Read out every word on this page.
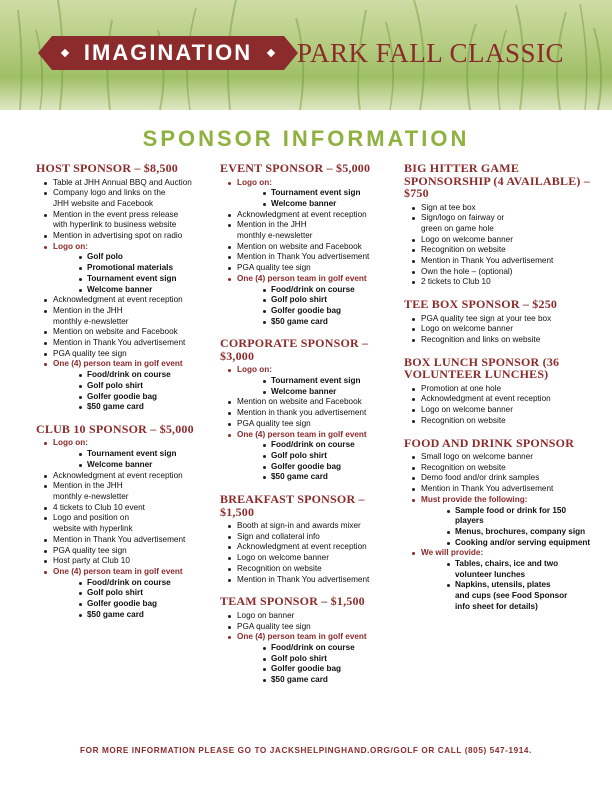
IMAGINATION	PARK FALL CLASSIC
SPONSOR INFORMATION
HOST SPONSOR – $8,500
Table at JHH Annual BBQ and Auction
Company logo and links on the
JHH website and Facebook
Mention in the event press release
with hyperlink to business website
Mention in advertising spot on radio
Logo on:
Golf polo
Promotional materials
Tournament event sign
Welcome banner
Acknowledgment at event reception
Mention in the JHH
monthly e-newsletter
Mention on website and Facebook
Mention in Thank You advertisement
PGA quality tee sign
One (4) person team in golf event
Food/drink on course
Golf polo shirt
Golfer goodie bag
$50 game card
CLUB 10 SPONSOR – $5,000
Logo on:
Tournament event sign
Welcome banner
Acknowledgment at event reception
Mention in the JHH
monthly e-newsletter
4 tickets to Club 10 event
Logo and position on
website with hyperlink
Mention in Thank You advertisement
PGA quality tee sign
Host party at Club 10
One (4) person team in golf event
Food/drink on course
Golf polo shirt
Golfer goodie bag
$50 game card
EVENT SPONSOR – $5,000
Logo on:
Tournament event sign
Welcome banner
Acknowledgment at event reception
Mention in the JHH
monthly e-newsletter
Mention on website and Facebook
Mention in Thank You advertisement
PGA quality tee sign
One (4) person team in golf event
Food/drink on course
Golf polo shirt
Golfer goodie bag
$50 game card
CORPORATE SPONSOR – $3,000
Logo on:
Tournament event sign
Welcome banner
Mention on website and Facebook
Mention in thank you advertisement
PGA quality tee sign
One (4) person team in golf event
Food/drink on course
Golf polo shirt
Golfer goodie bag
$50 game card
BREAKFAST SPONSOR – $1,500
Booth at sign-in and awards mixer
Sign and collateral info
Acknowledgment at event reception
Logo on welcome banner
Recognition on website
Mention in Thank You advertisement
TEAM SPONSOR – $1,500
Logo on banner
PGA quality tee sign
One (4) person team in golf event
Food/drink on course
Golf polo shirt
Golfer goodie bag
$50 game card
BIG HITTER GAME SPONSORSHIP (4 AVAILABLE) – $750
Sign at tee box
Sign/logo on fairway or
green on game hole
Logo on welcome banner
Recognition on website
Mention in Thank You advertisement
Own the hole – (optional)
2 tickets to Club 10
TEE BOX SPONSOR – $250
PGA quality tee sign at your tee box
Logo on welcome banner
Recognition and links on website
BOX LUNCH SPONSOR (36 VOLUNTEER LUNCHES)
Promotion at one hole
Acknowledgment at event reception
Logo on welcome banner
Recognition on website
FOOD AND DRINK SPONSOR
Small logo on welcome banner
Recognition on website
Demo food and/or drink samples
Mention in Thank You advertisement
Must provide the following:
Sample food or drink for 150 players
Menus, brochures, company sign
Cooking and/or serving equipment
We will provide:
Tables, chairs, ice and two
volunteer lunches
Napkins, utensils, plates
and cups (see Food Sponsor
info sheet for details)
FOR MORE INFORMATION PLEASE GO TO JACKSHELPINGHAND.ORG/GOLF OR CALL (805) 547-1914.
